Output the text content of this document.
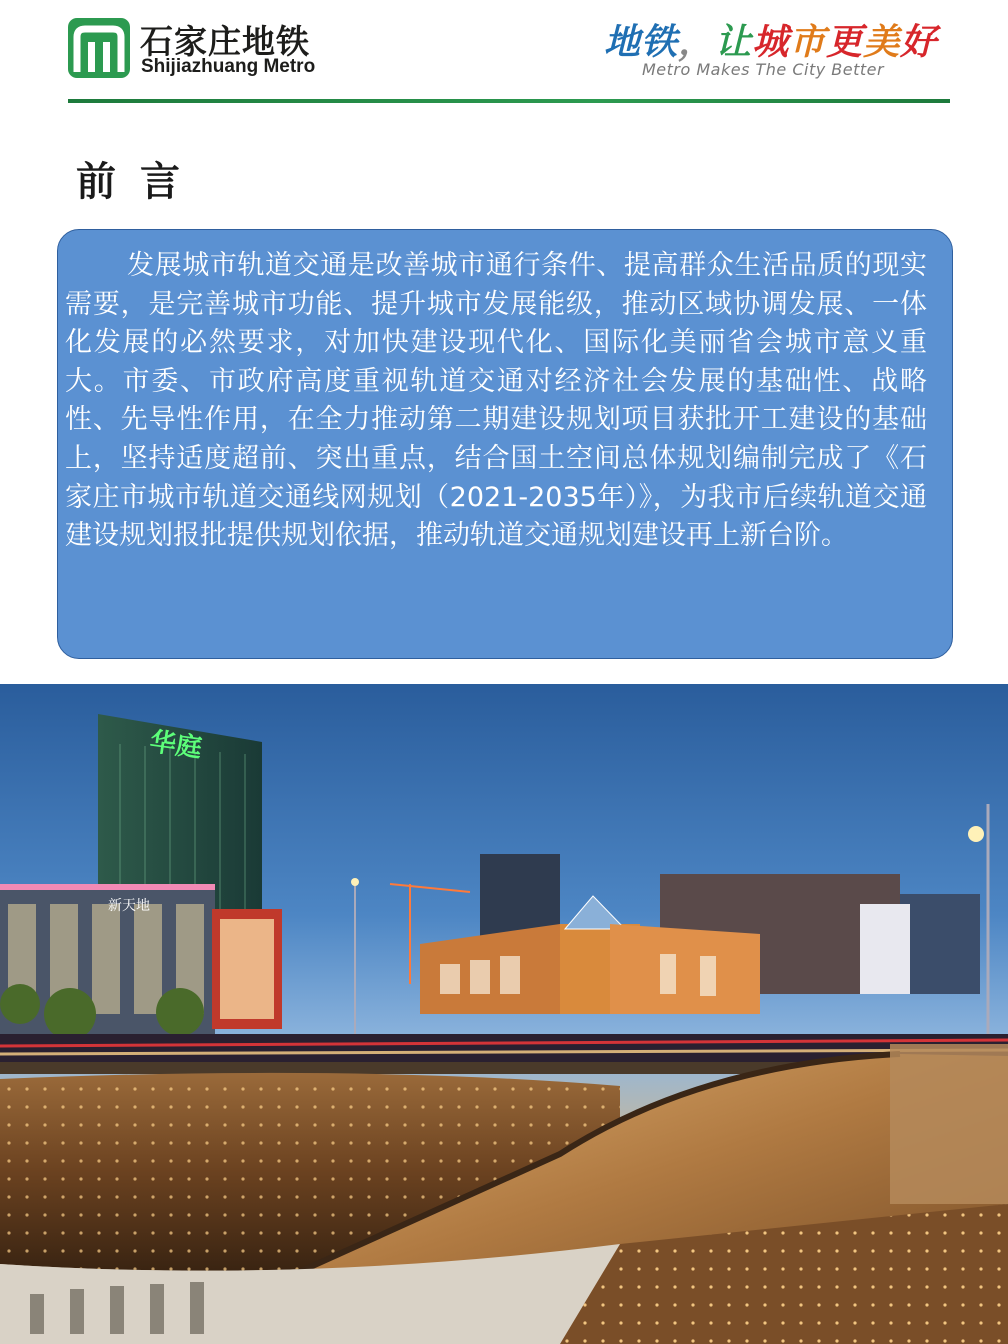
石家庄地铁
Shijiazhuang Metro
地铁，让城市更美好
Metro Makes The City Better
前言

发展城市轨道交通是改善城市通行条件、提高群众生活品质的现实需要，是完善城市功能、提升城市发展能级，推动区域协调发展、一体化发展的必然要求，对加快建设现代化、国际化美丽省会城市意义重大。市委、市政府高度重视轨道交通对经济社会发展的基础性、战略性、先导性作用，在全力推动第二期建设规划项目获批开工建设的基础上，坚持适度超前、突出重点，结合国土空间总体规划编制完成了《石家庄市城市轨道交通线网规划（2021-2035年）》，为我市后续轨道交通建设规划报批提供规划依据，推动轨道交通规划建设再上新台阶。

华庭
新天地
